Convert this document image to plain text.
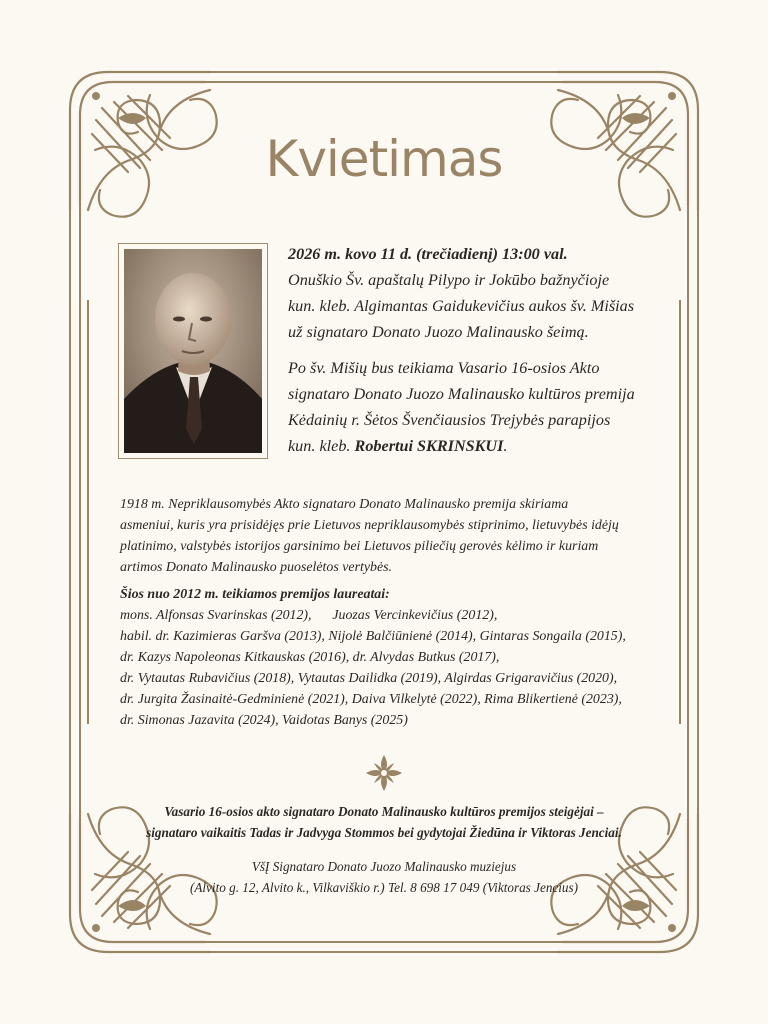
Kvietimas

2026 m. kovo 11 d. (trečiadienį) 13:00 val.

Onuškio Šv. apaštalų Pilypo ir Jokūbo bažnyčioje

kun. kleb. Algimantas Gaidukevičius aukos šv. Mišias

už signataro Donato Juozo Malinausko šeimą.

Po šv. Mišių bus teikiama Vasario 16-osios Akto

signataro Donato Juozo Malinausko kultūros premija

Kėdainių r. Šėtos Švenčiausios Trejybės parapijos

kun. kleb. Robertui SKRINSKUI.

1918 m. Nepriklausomybės Akto signataro Donato Malinausko premija skiriama

asmeniui, kuris yra prisidėjęs prie Lietuvos nepriklausomybės stiprinimo, lietuvybės idėjų

platinimo, valstybės istorijos garsinimo bei Lietuvos piliečių gerovės kėlimo ir kuriam

artimos Donato Malinausko puoselėtos vertybės.

Šios nuo 2012 m. teikiamos premijos laureatai:

mons. Alfonsas Svarinskas (2012),      Juozas Vercinkevičius (2012),

habil. dr. Kazimieras Garšva (2013), Nijolė Balčiūnienė (2014), Gintaras Songaila (2015),

dr. Kazys Napoleonas Kitkauskas (2016), dr. Alvydas Butkus (2017),

dr. Vytautas Rubavičius (2018), Vytautas Dailidka (2019), Algirdas Grigaravičius (2020),

dr. Jurgita Žasinaitė-Gedminienė (2021), Daiva Vilkelytė (2022), Rima Blikertienė (2023),

dr. Simonas Jazavita (2024), Vaidotas Banys (2025)

Vasario 16-osios akto signataro Donato Malinausko kultūros premijos steigėjai –

signataro vaikaitis Tadas ir Jadvyga Stommos bei gydytojai Žiedūna ir Viktoras Jenciai.

VšĮ Signataro Donato Juozo Malinausko muziejus

(Alvito g. 12, Alvito k., Vilkaviškio r.) Tel. 8 698 17 049 (Viktoras Jencius)
